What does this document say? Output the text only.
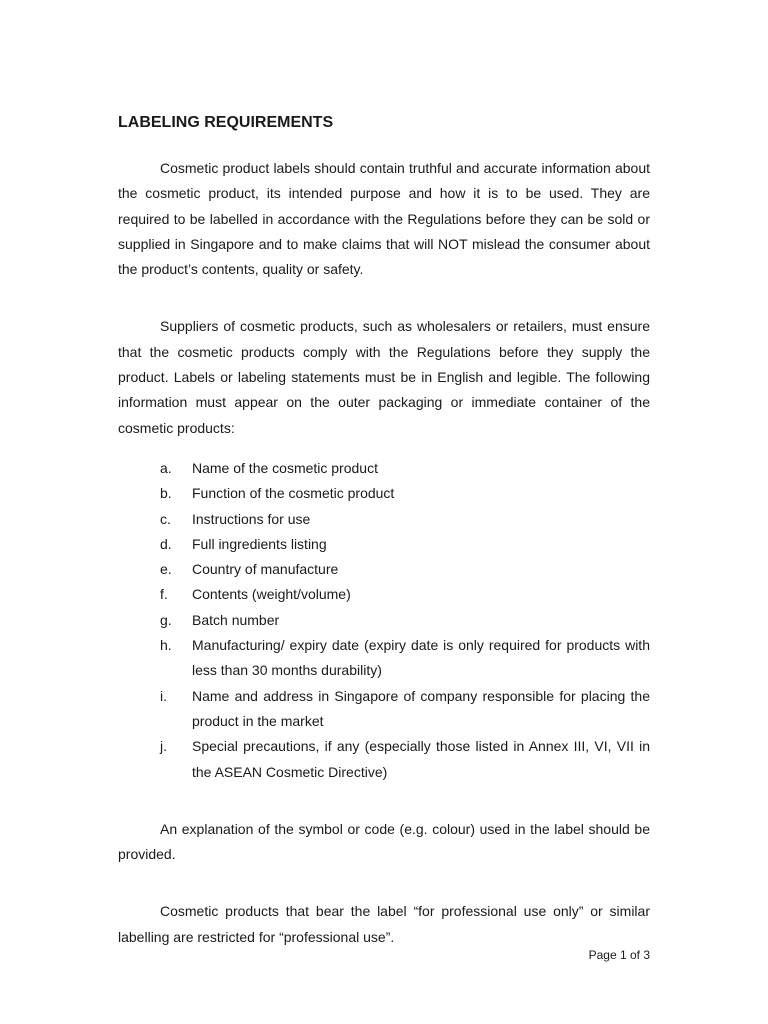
LABELING REQUIREMENTS

Cosmetic product labels should contain truthful and accurate information about the cosmetic product, its intended purpose and how it is to be used. They are required to be labelled in accordance with the Regulations before they can be sold or supplied in Singapore and to make claims that will NOT mislead the consumer about the product’s contents, quality or safety.

Suppliers of cosmetic products, such as wholesalers or retailers, must ensure that the cosmetic products comply with the Regulations before they supply the product. Labels or labeling statements must be in English and legible. The following information must appear on the outer packaging or immediate container of the cosmetic products:

a.	Name of the cosmetic product
b.	Function of the cosmetic product
c.	Instructions for use
d.	Full ingredients listing
e.	Country of manufacture
f.	Contents (weight/volume)
g.	Batch number
h.	Manufacturing/ expiry date (expiry date is only required for products with less than 30 months durability)
i.	Name and address in Singapore of company responsible for placing the product in the market
j.	Special precautions, if any (especially those listed in Annex III, VI, VII in the ASEAN Cosmetic Directive)

An explanation of the symbol or code (e.g. colour) used in the label should be provided.

Cosmetic products that bear the label “for professional use only” or similar labelling are restricted for “professional use”.

Page 1 of 3
